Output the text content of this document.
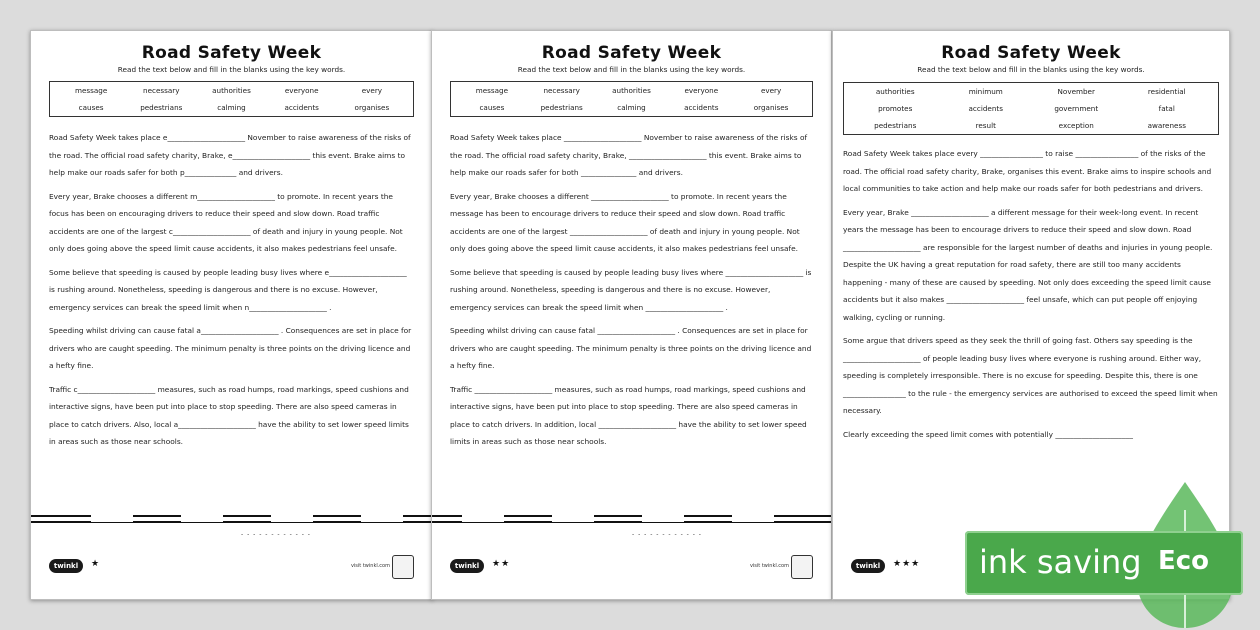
Road Safety Week
Read the text below and fill in the blanks using the key words.
message	necessary	authorities	everyone	every
causes	pedestrians	calming	accidents	organises
Road Safety Week takes place e_____________________ November to raise awareness of the risks of the road. The official road safety charity, Brake, e_____________________ this event. Brake aims to help make our roads safer for both p______________ and drivers.
Every year, Brake chooses a different m_____________________ to promote. In recent years the focus has been on encouraging drivers to reduce their speed and slow down. Road traffic accidents are one of the largest c_____________________ of death and injury in young people. Not only does going above the speed limit cause accidents, it also makes pedestrians feel unsafe.
Some believe that speeding is caused by people leading busy lives where e_____________________ is rushing around. Nonetheless, speeding is dangerous and there is no excuse. However, emergency services can break the speed limit when n_____________________ .
Speeding whilst driving can cause fatal a_____________________ . Consequences are set in place for drivers who are caught speeding. The minimum penalty is three points on the driving licence and a hefty fine.
Traffic c_____________________ measures, such as road humps, road markings, speed cushions and interactive signs, have been put into place to stop speeding. There are also speed cameras in place to catch drivers. Also, local a_____________________ have the ability to set lower speed limits in areas such as those near schools.
- - - - - - - - - - - -
twinkl	★	visit twinkl.com
Road Safety Week
Read the text below and fill in the blanks using the key words.
message	necessary	authorities	everyone	every
causes	pedestrians	calming	accidents	organises
Road Safety Week takes place _____________________ November to raise awareness of the risks of the road. The official road safety charity, Brake, _____________________ this event. Brake aims to help make our roads safer for both _______________ and drivers.
Every year, Brake chooses a different _____________________ to promote. In recent years the message has been to encourage drivers to reduce their speed and slow down. Road traffic accidents are one of the largest _____________________ of death and injury in young people. Not only does going above the speed limit cause accidents, it also makes pedestrians feel unsafe.
Some believe that speeding is caused by people leading busy lives where _____________________ is rushing around. Nonetheless, speeding is dangerous and there is no excuse. However, emergency services can break the speed limit when _____________________ .
Speeding whilst driving can cause fatal _____________________ . Consequences are set in place for drivers who are caught speeding. The minimum penalty is three points on the driving licence and a hefty fine.
Traffic _____________________ measures, such as road humps, road markings, speed cushions and interactive signs, have been put into place to stop speeding. There are also speed cameras in place to catch drivers. In addition, local _____________________ have the ability to set lower speed limits in areas such as those near schools.
- - - - - - - - - - - -
twinkl	★★	visit twinkl.com
Road Safety Week
Read the text below and fill in the blanks using the key words.
authorities	minimum	November	residential
promotes	accidents	government	fatal
pedestrians	result	exception	awareness
Road Safety Week takes place every _________________ to raise _________________ of the risks of the road. The official road safety charity, Brake, organises this event. Brake aims to inspire schools and local communities to take action and help make our roads safer for both pedestrians and drivers.
Every year, Brake _____________________ a different message for their week-long event. In recent years the message has been to encourage drivers to reduce their speed and slow down. Road _____________________ are responsible for the largest number of deaths and injuries in young people. Despite the UK having a great reputation for road safety, there are still too many accidents happening - many of these are caused by speeding. Not only does exceeding the speed limit cause accidents but it also makes _____________________ feel unsafe, which can put people off enjoying walking, cycling or running.
Some argue that drivers speed as they seek the thrill of going fast. Others say speeding is the _____________________ of people leading busy lives where everyone is rushing around. Either way, speeding is completely irresponsible. There is no excuse for speeding. Despite this, there is one _________________ to the rule - the emergency services are authorised to exceed the speed limit when necessary.
Clearly exceeding the speed limit comes with potentially _____________________
twinkl	★★★ ink saving Eco
